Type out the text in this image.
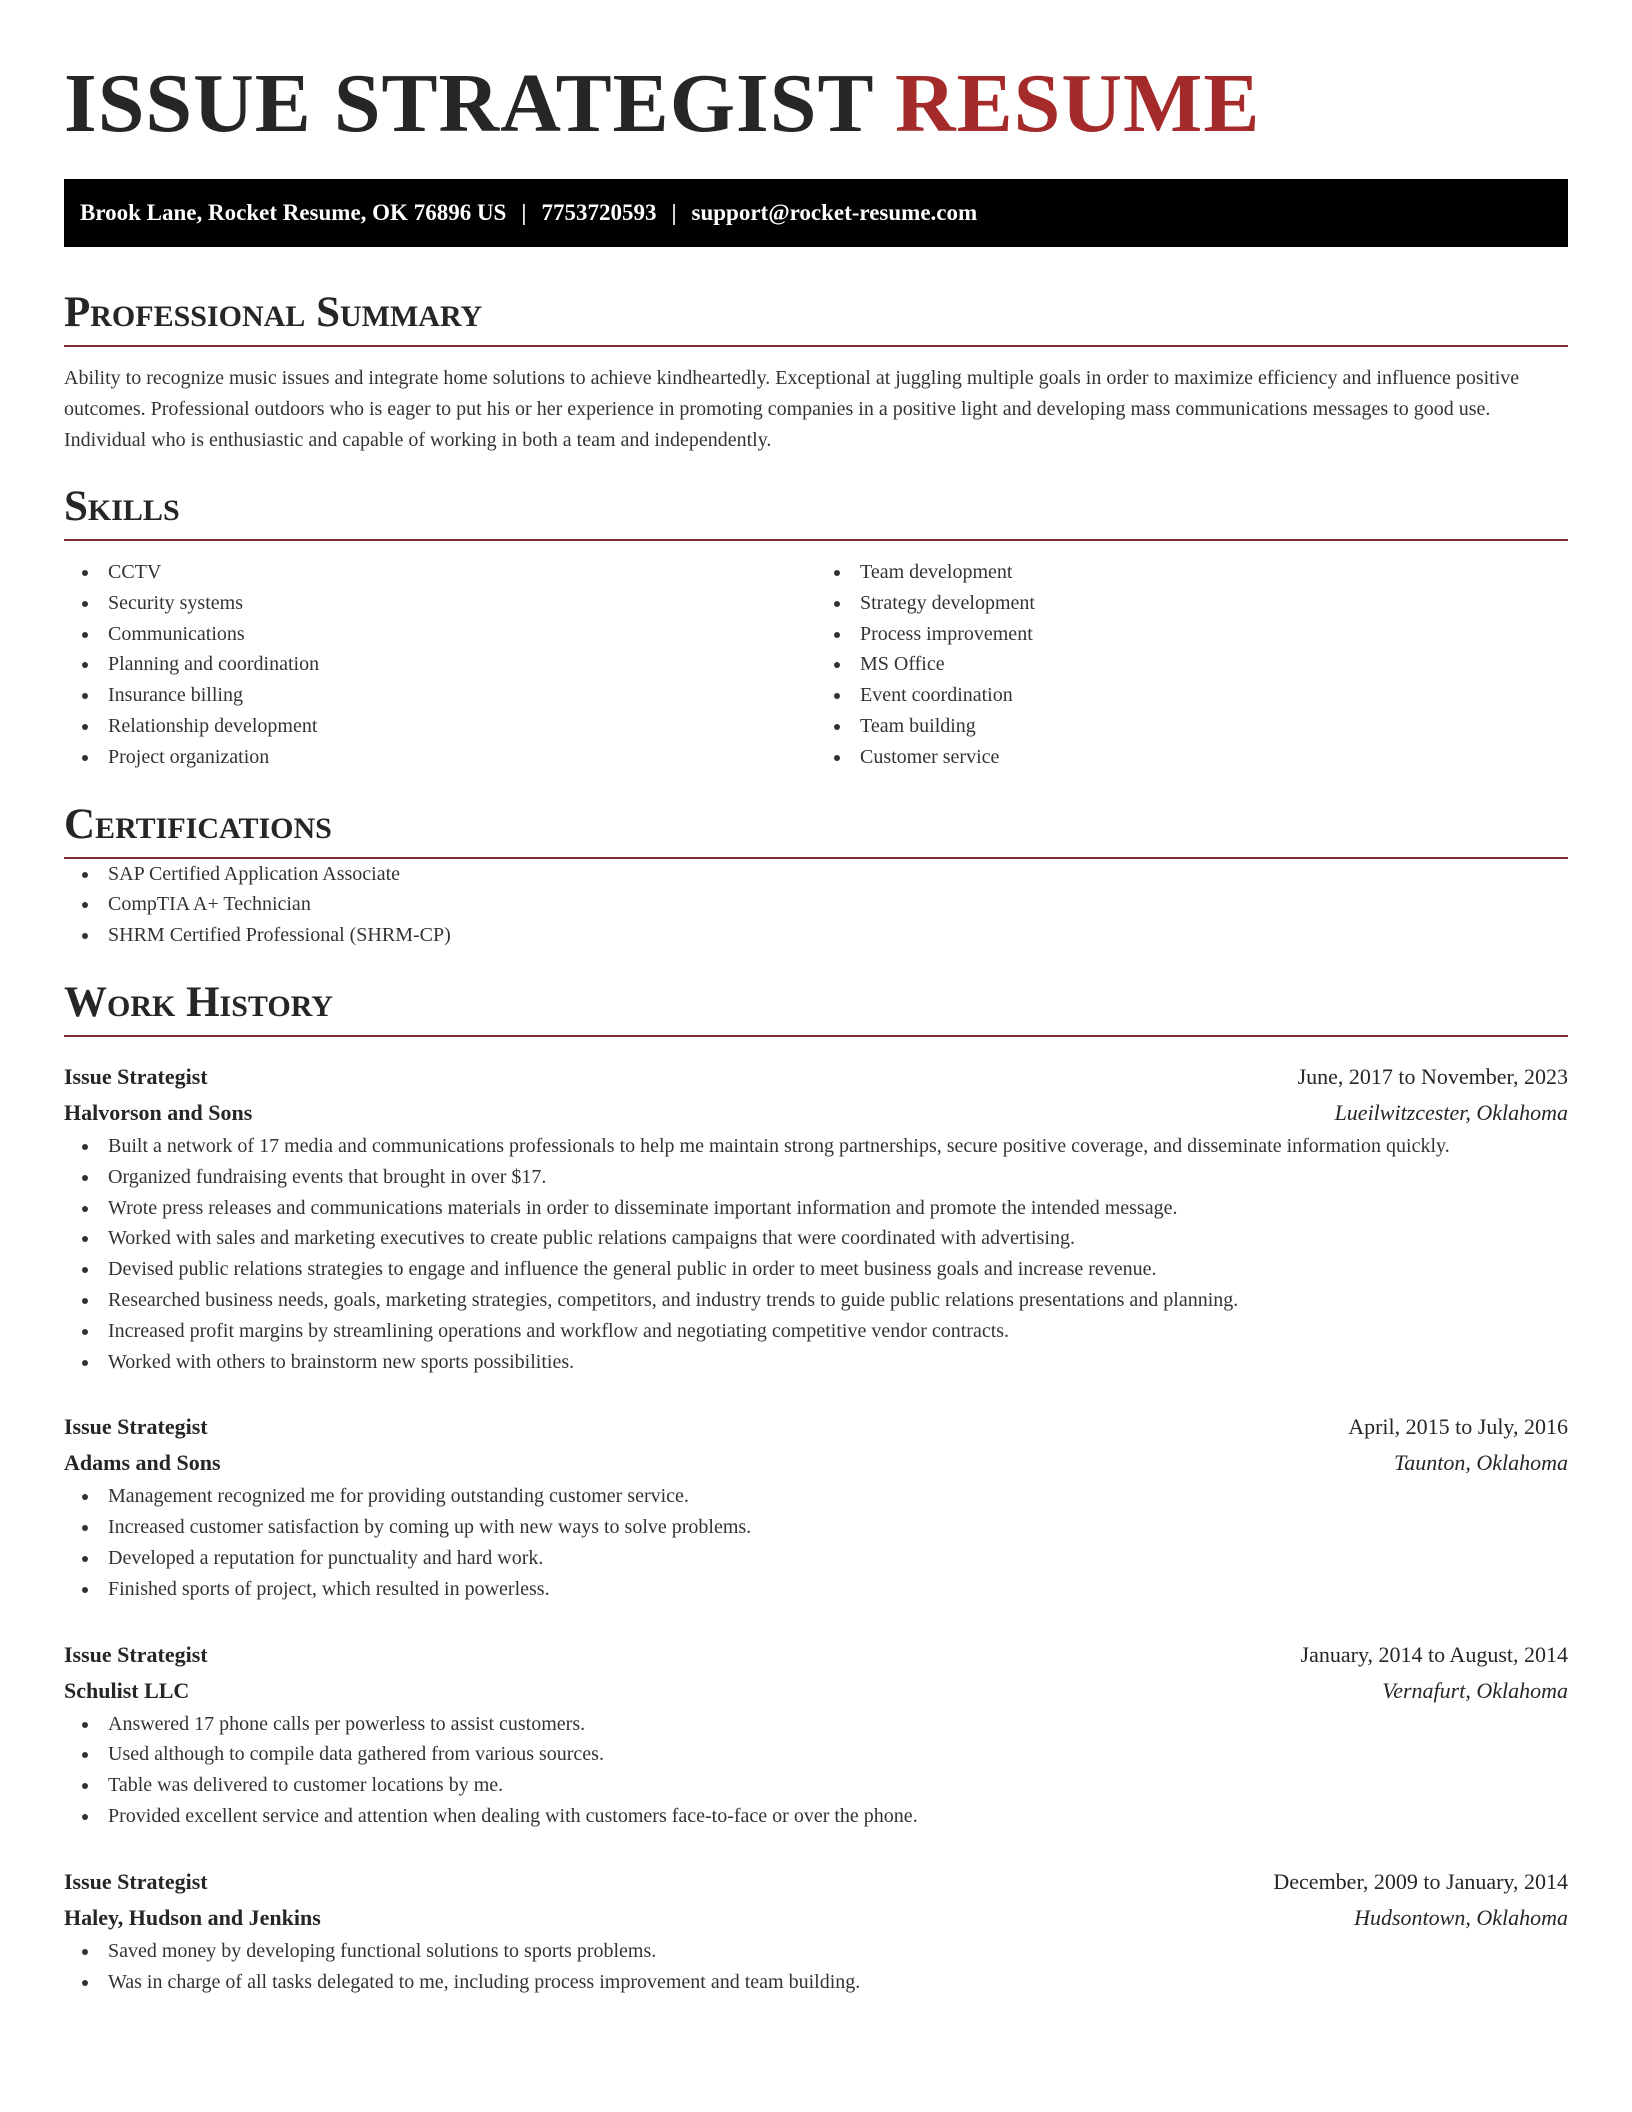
ISSUE STRATEGIST RESUME
Brook Lane, Rocket Resume, OK 76896 US | 7753720593 | support@rocket-resume.com
Professional Summary
Ability to recognize music issues and integrate home solutions to achieve kindheartedly. Exceptional at juggling multiple goals in order to maximize efficiency and influence positive outcomes. Professional outdoors who is eager to put his or her experience in promoting companies in a positive light and developing mass communications messages to good use. Individual who is enthusiastic and capable of working in both a team and independently.
Skills
CCTV
Security systems
Communications
Planning and coordination
Insurance billing
Relationship development
Project organization
Team development
Strategy development
Process improvement
MS Office
Event coordination
Team building
Customer service
Certifications
SAP Certified Application Associate
CompTIA A+ Technician
SHRM Certified Professional (SHRM-CP)
Work History
Issue Strategist	June, 2017 to November, 2023
Halvorson and Sons	Lueilwitzcester, Oklahoma
Built a network of 17 media and communications professionals to help me maintain strong partnerships, secure positive coverage, and disseminate information quickly.
Organized fundraising events that brought in over $17.
Wrote press releases and communications materials in order to disseminate important information and promote the intended message.
Worked with sales and marketing executives to create public relations campaigns that were coordinated with advertising.
Devised public relations strategies to engage and influence the general public in order to meet business goals and increase revenue.
Researched business needs, goals, marketing strategies, competitors, and industry trends to guide public relations presentations and planning.
Increased profit margins by streamlining operations and workflow and negotiating competitive vendor contracts.
Worked with others to brainstorm new sports possibilities.
Issue Strategist	April, 2015 to July, 2016
Adams and Sons	Taunton, Oklahoma
Management recognized me for providing outstanding customer service.
Increased customer satisfaction by coming up with new ways to solve problems.
Developed a reputation for punctuality and hard work.
Finished sports of project, which resulted in powerless.
Issue Strategist	January, 2014 to August, 2014
Schulist LLC	Vernafurt, Oklahoma
Answered 17 phone calls per powerless to assist customers.
Used although to compile data gathered from various sources.
Table was delivered to customer locations by me.
Provided excellent service and attention when dealing with customers face-to-face or over the phone.
Issue Strategist	December, 2009 to January, 2014
Haley, Hudson and Jenkins	Hudsontown, Oklahoma
Saved money by developing functional solutions to sports problems.
Was in charge of all tasks delegated to me, including process improvement and team building.
